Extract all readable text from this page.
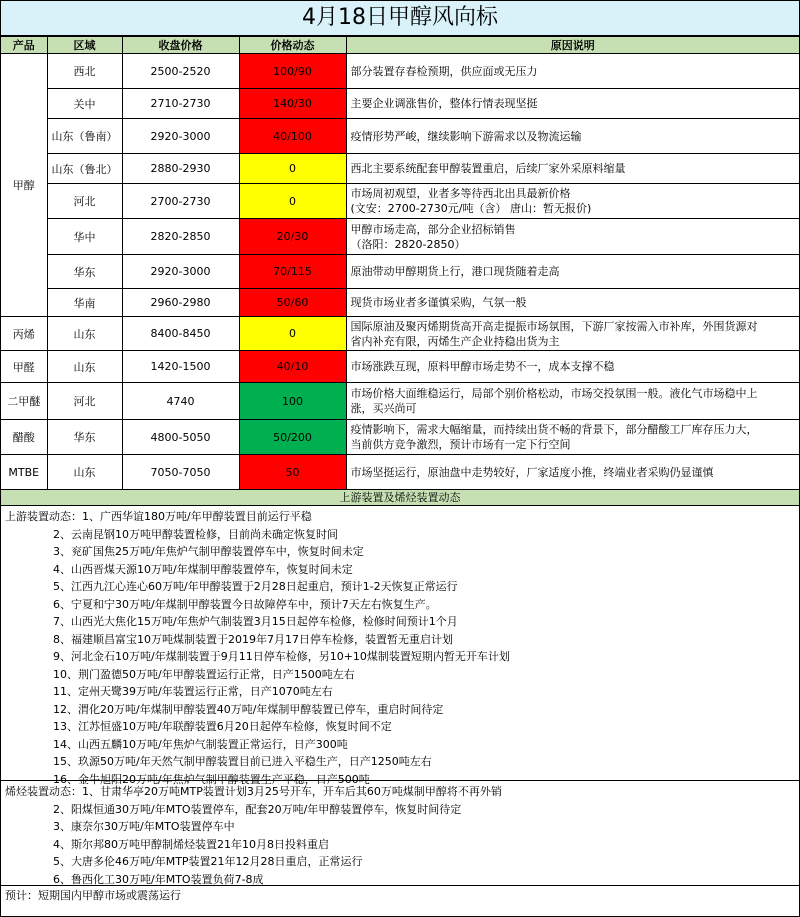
4月18日甲醇风向标
产品	区域	收盘价格	价格动态	原因说明
甲醇	西北	2500-2520	100/90	部分装置存春检预期，供应面或无压力

	关中	2710-2730	140/30	主要企业调涨售价，整体行情表现坚挺

	山东（鲁南）	2920-3000	40/100	疫情形势严峻，继续影响下游需求以及物流运输

	山东（鲁北）	2880-2930	0	西北主要系统配套甲醇装置重启，后续厂家外采原料缩量

	河北	2700-2730	0	市场周初观望，业者多等待西北出具最新价格
(文安：2700-2730元/吨（含） 唐山：暂无报价)

	华中	2820-2850	20/30	甲醇市场走高，部分企业招标销售
（洛阳：2820-2850）

	华东	2920-3000	70/115	原油带动甲醇期货上行，港口现货随着走高

	华南	2960-2980	50/60	现货市场业者多谨慎采购，气氛一般

丙烯	山东	8400-8450	0	国际原油及聚丙烯期货高开高走提振市场氛围，下游厂家按需入市补库，外围货源对
省内补充有限，丙烯生产企业持稳出货为主

甲醛	山东	1420-1500	40/10	市场涨跌互现，原料甲醇市场走势不一，成本支撑不稳

二甲醚	河北	4740	100	市场价格大面维稳运行，局部个别价格松动，市场交投氛围一般。液化气市场稳中上
涨，买兴尚可

醋酸	华东	4800-5050	50/200	疫情影响下，需求大幅缩量，而持续出货不畅的背景下，部分醋酸工厂库存压力大，
当前供方竞争激烈，预计市场有一定下行空间

MTBE	山东	7050-7050	50	市场坚挺运行，原油盘中走势较好，厂家适度小推，终端业者采购仍显谨慎
上游装置及烯烃装置动态
上游装置动态：1、广西华谊180万吨/年甲醇装置目前运行平稳
2、云南昆钢10万吨甲醇装置检修，目前尚未确定恢复时间
3、兖矿国焦25万吨/年焦炉气制甲醇装置停车中，恢复时间未定
4、山西晋煤天源10万吨/年煤制甲醇装置停车，恢复时间未定
5、江西九江心连心60万吨/年甲醇装置于2月28日起重启，预计1-2天恢复正常运行
6、宁夏和宁30万吨/年煤制甲醇装置今日故障停车中，预计7天左右恢复生产。
7、山西光大焦化15万吨/年焦炉气制装置3月15日起停车检修，检修时间预计1个月
8、福建顺昌富宝10万吨煤制装置于2019年7月17日停车检修，装置暂无重启计划
9、河北金石10万吨/年煤制装置于9月11日停车检修，另10+10煤制装置短期内暂无开车计划
10、荆门盈德50万吨/年甲醇装置运行正常，日产1500吨左右
11、定州天鹭39万吨/年装置运行正常，日产1070吨左右
12、渭化20万吨/年煤制甲醇装置40万吨/年煤制甲醇装置已停车，重启时间待定
13、江苏恒盛10万吨/年联醇装置6月20日起停车检修，恢复时间不定
14、山西五麟10万吨/年焦炉气制装置正常运行，日产300吨
15、玖源50万吨/年天然气制甲醇装置目前已进入平稳生产，日产1250吨左右
16、金牛旭阳20万吨/年焦炉气制甲醇装置生产平稳，日产500吨
烯烃装置动态：1、甘肃华亭20万吨MTP装置计划3月25号开车，开车后其60万吨煤制甲醇将不再外销
2、阳煤恒通30万吨/年MTO装置停车，配套20万吨/年甲醇装置停车，恢复时间待定
3、康奈尔30万吨/年MTO装置停车中
4、斯尔邦80万吨甲醇制烯烃装置21年10月8日投料重启
5、大唐多伦46万吨/年MTP装置21年12月28日重启，正常运行
6、鲁西化工30万吨/年MTO装置负荷7-8成
预计：短期国内甲醇市场或震荡运行
